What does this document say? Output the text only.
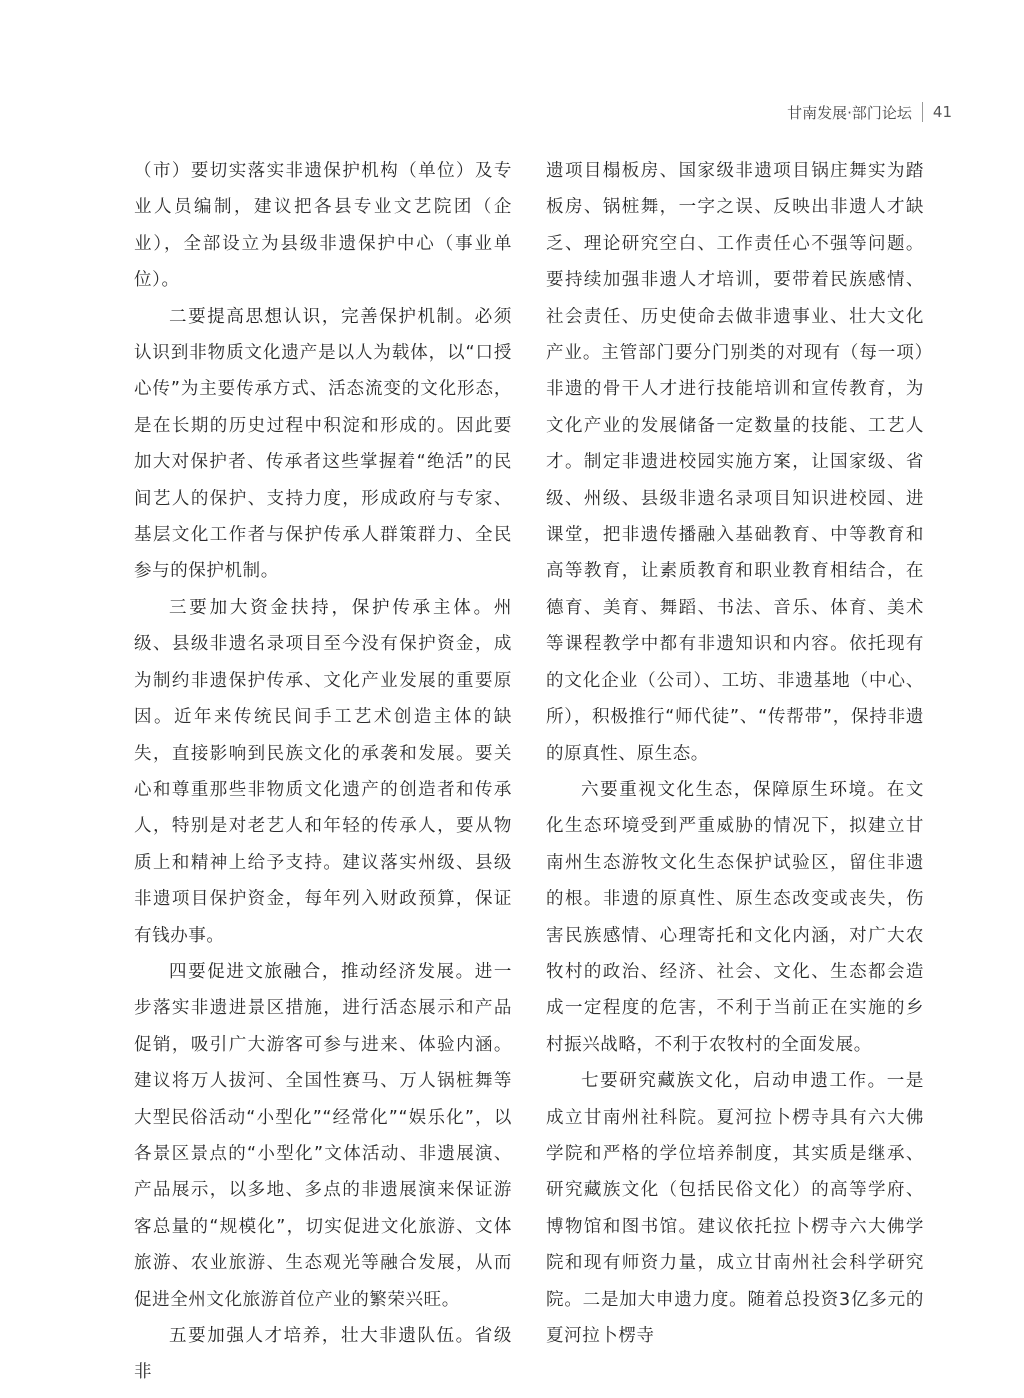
甘南发展·部门论坛 41

（市）要切实落实非遗保护机构（单位）及专业人员编制，建议把各县专业文艺院团（企业），全部设立为县级非遗保护中心（事业单位）。

二要提高思想认识，完善保护机制。必须认识到非物质文化遗产是以人为载体，以“口授心传”为主要传承方式、活态流变的文化形态，是在长期的历史过程中积淀和形成的。因此要加大对保护者、传承者这些掌握着“绝活”的民间艺人的保护、支持力度，形成政府与专家、基层文化工作者与保护传承人群策群力、全民参与的保护机制。

三要加大资金扶持，保护传承主体。州级、县级非遗名录项目至今没有保护资金，成为制约非遗保护传承、文化产业发展的重要原因。近年来传统民间手工艺术创造主体的缺失，直接影响到民族文化的承袭和发展。要关心和尊重那些非物质文化遗产的创造者和传承人，特别是对老艺人和年轻的传承人，要从物质上和精神上给予支持。建议落实州级、县级非遗项目保护资金，每年列入财政预算，保证有钱办事。

四要促进文旅融合，推动经济发展。进一步落实非遗进景区措施，进行活态展示和产品促销，吸引广大游客可参与进来、体验内涵。建议将万人拔河、全国性赛马、万人锅桩舞等大型民俗活动“小型化”“经常化”“娱乐化”，以各景区景点的“小型化”文体活动、非遗展演、产品展示，以多地、多点的非遗展演来保证游客总量的“规模化”，切实促进文化旅游、文体旅游、农业旅游、生态观光等融合发展，从而促进全州文化旅游首位产业的繁荣兴旺。

五要加强人才培养，壮大非遗队伍。省级非

遗项目榻板房、国家级非遗项目锅庄舞实为踏板房、锅桩舞，一字之误、反映出非遗人才缺乏、理论研究空白、工作责任心不强等问题。要持续加强非遗人才培训，要带着民族感情、社会责任、历史使命去做非遗事业、壮大文化产业。主管部门要分门别类的对现有（每一项）非遗的骨干人才进行技能培训和宣传教育，为文化产业的发展储备一定数量的技能、工艺人才。制定非遗进校园实施方案，让国家级、省级、州级、县级非遗名录项目知识进校园、进课堂，把非遗传播融入基础教育、中等教育和高等教育，让素质教育和职业教育相结合，在德育、美育、舞蹈、书法、音乐、体育、美术等课程教学中都有非遗知识和内容。依托现有的文化企业（公司）、工坊、非遗基地（中心、所），积极推行“师代徒”、“传帮带”，保持非遗的原真性、原生态。

六要重视文化生态，保障原生环境。在文化生态环境受到严重威胁的情况下，拟建立甘南州生态游牧文化生态保护试验区，留住非遗的根。非遗的原真性、原生态改变或丧失，伤害民族感情、心理寄托和文化内涵，对广大农牧村的政治、经济、社会、文化、生态都会造成一定程度的危害，不利于当前正在实施的乡村振兴战略，不利于农牧村的全面发展。

七要研究藏族文化，启动申遗工作。一是成立甘南州社科院。夏河拉卜楞寺具有六大佛学院和严格的学位培养制度，其实质是继承、研究藏族文化（包括民俗文化）的高等学府、博物馆和图书馆。建议依托拉卜楞寺六大佛学院和现有师资力量，成立甘南州社会科学研究院。二是加大申遗力度。随着总投资3亿多元的夏河拉卜楞寺
